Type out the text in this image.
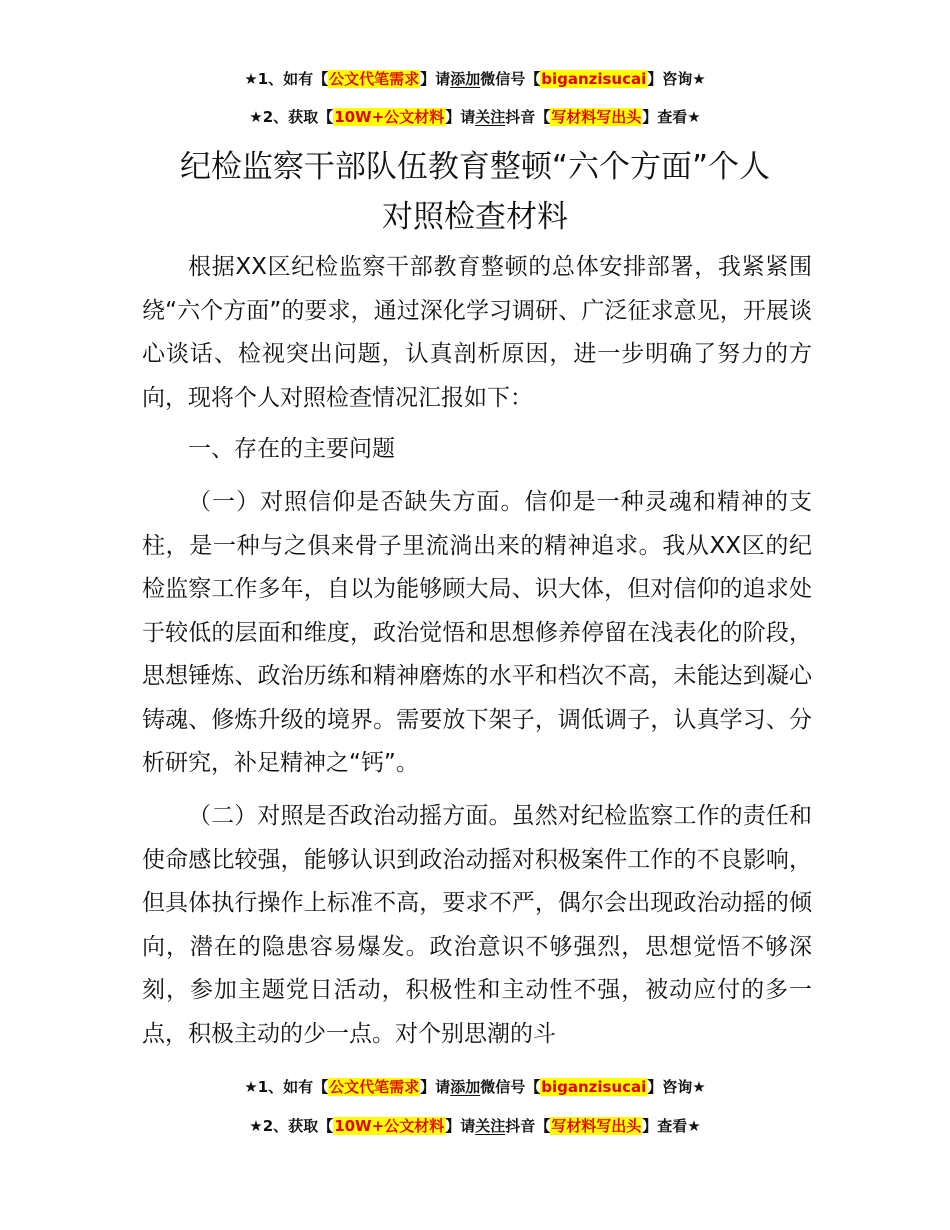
★1、如有【公文代笔需求】请添加微信号【biganzisucai】咨询★
★2、获取【10W+公文材料】请关注抖音【写材料写出头】查看★
纪检监察干部队伍教育整顿“六个方面”个人
对照检查材料

根据XX区纪检监察干部教育整顿的总体安排部署，我紧紧围绕“六个方面”的要求，通过深化学习调研、广泛征求意见，开展谈心谈话、检视突出问题，认真剖析原因，进一步明确了努力的方向，现将个人对照检查情况汇报如下：

一、存在的主要问题

（一）对照信仰是否缺失方面。信仰是一种灵魂和精神的支柱，是一种与之俱来骨子里流淌出来的精神追求。我从XX区的纪检监察工作多年，自以为能够顾大局、识大体，但对信仰的追求处于较低的层面和维度，政治觉悟和思想修养停留在浅表化的阶段，思想锤炼、政治历练和精神磨炼的水平和档次不高，未能达到凝心铸魂、修炼升级的境界。需要放下架子，调低调子，认真学习、分析研究，补足精神之“钙”。

（二）对照是否政治动摇方面。虽然对纪检监察工作的责任和使命感比较强，能够认识到政治动摇对积极案件工作的不良影响，但具体执行操作上标准不高，要求不严，偶尔会出现政治动摇的倾向，潜在的隐患容易爆发。政治意识不够强烈，思想觉悟不够深刻，参加主题党日活动，积极性和主动性不强，被动应付的多一点，积极主动的少一点。对个别思潮的斗

★1、如有【公文代笔需求】请添加微信号【biganzisucai】咨询★
★2、获取【10W+公文材料】请关注抖音【写材料写出头】查看★
